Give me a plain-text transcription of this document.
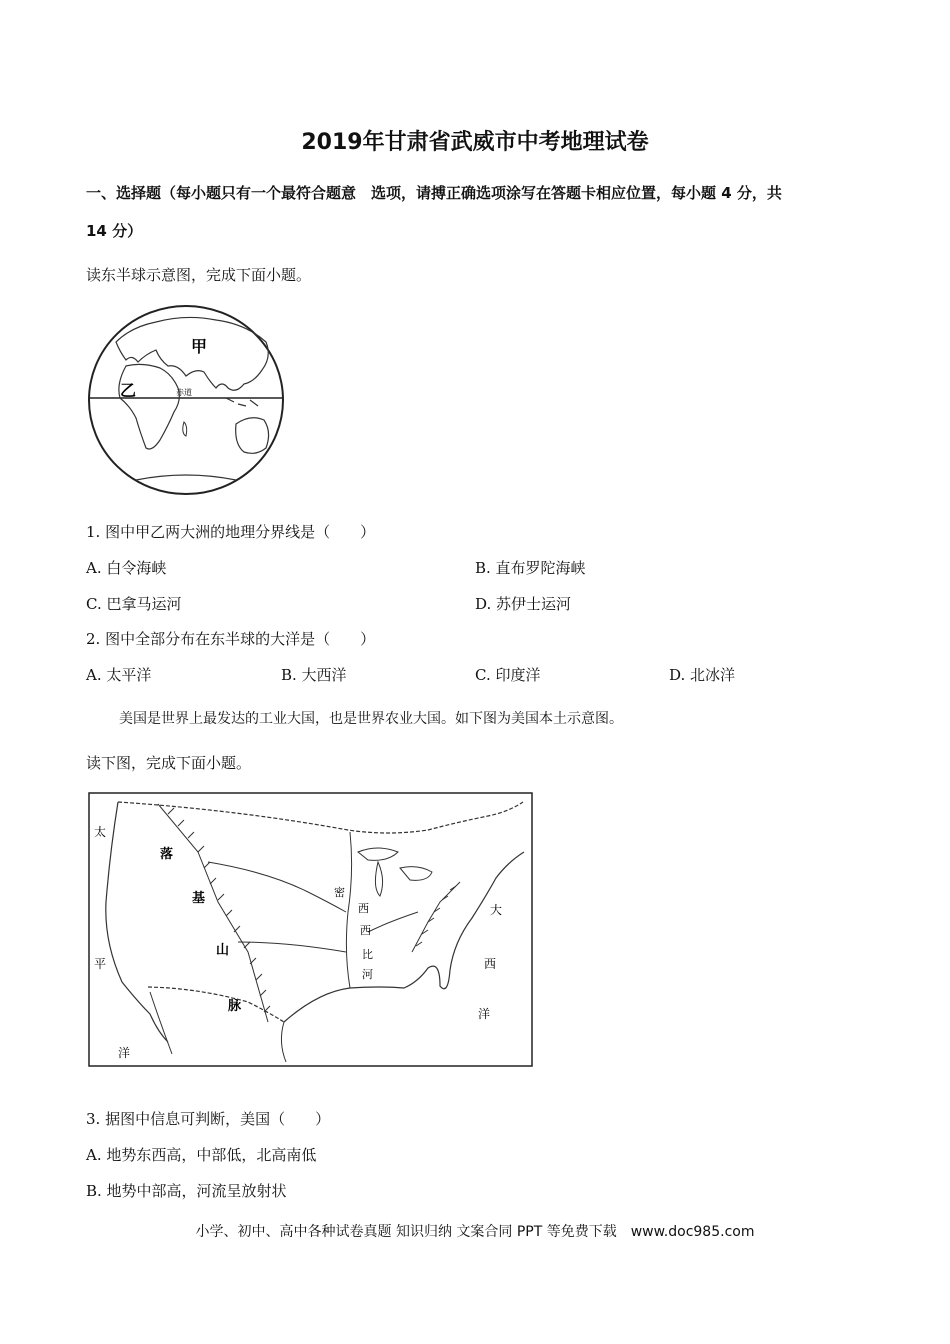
2019年甘肃省武威市中考地理试卷
一、选择题（每小题只有一个最符合题意　选项，请搏正确选项涂写在答题卡相应位置，每小题 4 分，共
14 分）
读东半球示意图，完成下面小题。
甲
乙	赤道
1. 图中甲乙两大洲的地理分界线是（　　）
A. 白令海峡	B. 直布罗陀海峡
C. 巴拿马运河	D. 苏伊士运河
2. 图中全部分布在东半球的大洋是（　　）
A. 太平洋	B. 大西洋	C. 印度洋	D. 北冰洋
美国是世界上最发达的工业大国，也是世界农业大国。如下图为美国本土示意图。
读下图，完成下面小题。
太
平
洋
落
基
山
脉
密
西
西
比
河
大
西
洋
3. 据图中信息可判断，美国（　　）
A. 地势东西高，中部低，北高南低
B. 地势中部高，河流呈放射状
小学、初中、高中各种试卷真题 知识归纳 文案合同 PPT 等免费下载　www.doc985.com
